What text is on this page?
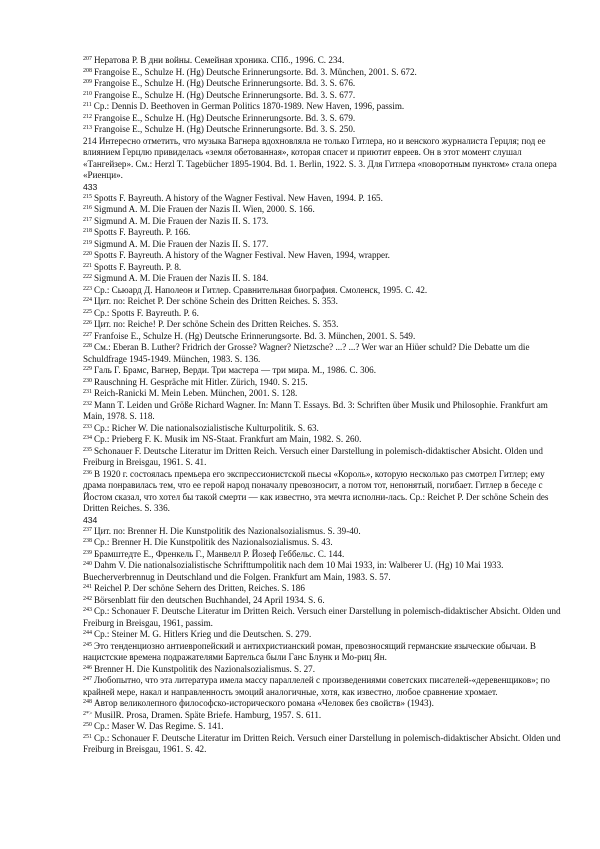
$^{207}$ Нератова Р. В дни войны. Семейная хроника. СПб., 1996. С. 234.

$^{208}$ Frangoise E., Schulze H. (Hg) Deutsche Erinnerungsorte. Bd. 3. München, 2001. S. 672.

$^{209}$ Frangoise E., Schulze H. (Hg) Deutsche Erinnerungsorte. Bd. 3. S. 676.

$^{210}$ Frangoise E., Schulze H. (Hg) Deutsche Erinnerungsorte. Bd. 3. S. 677.

$^{211}$ Ср.: Dennis D. Beethoven in German Politics 1870-1989. New Haven, 1996, passim.

$^{212}$ Frangoise E., Schulze H. (Hg) Deutsche Erinnerungsorte. Bd. 3. S. 679.

$^{213}$ Frangoise E., Schulze H. (Hg) Deutsche Erinnerungsorte. Bd. 3. S. 250.

214 Интересно отметить, что музыка Вагнера вдохновляла не только Гитлера, но и венского журналиста Герцля; под ее влиянием Герцлю привиделась «земля обетованная», которая спасет и приютит евреев. Он в этот момент слушал «Тангейзер». См.: Herzl T. Tagebücher 1895-1904. Bd. 1. Berlin, 1922. S. 3. Для Гитлера «поворотным пунктом» стала опера «Риенци».

433

$^{215}$ Spotts F. Bayreuth. A history of the Wagner Festival. New Haven, 1994. P. 165.

$^{216}$ Sigmund A. M. Die Frauen der Nazis II. Wien, 2000. S. 166.

$^{217}$ Sigmund A. M. Die Frauen der Nazis II. S. 173.

$^{218}$ Spotts F. Bayreuth. P. 166.

$^{219}$ Sigmund A. M. Die Frauen der Nazis II. S. 177.

$^{220}$ Spotts F. Bayreuth. A history of the Wagner Festival. New Haven, 1994, wrapper.

$^{221}$ Spotts F. Bayreuth. P. 8.

$^{222}$ Sigmund A. M. Die Frauen der Nazis II. S. 184.

$^{223}$ Ср.: Сьюард Д. Наполеон и Гитлер. Сравнительная биография. Смоленск, 1995. С. 42.

$^{224}$ Цит. по: Reichet P. Der schöne Schein des Dritten Reiches. S. 353.

$^{225}$ Ср.: Spotts F. Bayreuth. P. 6.

$^{226}$ Цит. по: Reiche! P. Der schöne Schein des Dritten Reiches. S. 353.

$^{227}$ Franfoise E., Schulze H. (Hg) Deutsche Erinnerungsorte. Bd. 3. München, 2001. S. 549.

$^{228}$ См.: Eberan B. Luther? Fridrich der Grosse? Wagner? Nietzsche? ...? ...? Wer war an Hiüer schuld? Die Debatte um die Schuldfrage 1945-1949. München, 1983. S. 136.

$^{229}$ Галь Г. Брамс, Вагнер, Верди. Три мастера — три мира. М., 1986. С. 306.

$^{230}$ Rauschning H. Gespräche mit Hitler. Zürich, 1940. S. 215.

$^{231}$ Reich-Ranicki M. Mein Leben. München, 2001. S. 128.

$^{232}$ Mann T. Leiden und Größe Richard Wagner. In: Mann T. Essays. Bd. 3: Schriften über Musik und Philosophie. Frankfurt am Main, 1978. S. 118.

$^{233}$ Ср.: Richer W. Die nationalsozialistische Kulturpolitik. S. 63.

$^{234}$ Ср.: Prieberg F. K. Musik im NS-Staat. Frankfurt am Main, 1982. S. 260.

$^{235}$ Schonauer F. Deutsche Literatur im Dritten Reich. Versuch einer Darstellung in polemisch-didaktischer Absicht. Olden und Freiburg in Breisgau, 1961. S. 41.

$^{236}$ В 1920 г. состоялась премьера его экспрессионистской пьесы «Король», которую несколько раз смотрел Гитлер; ему драма понравилась тем, что ее герой народ поначалу превозносит, а потом тот, непонятый, погибает. Гитлер в беседе с Йостом сказал, что хотел бы такой смерти — как известно, эта мечта исполни-лась. Ср.: Reichet P. Der schöne Schein des Dritten Reiches. S. 336.

434

$^{237}$ Цит. по: Brenner H. Die Kunstpolitik des Nazionalsozialismus. S. 39-40.

$^{238}$ Ср.: Brenner H. Die Kunstpolitik des Nazionalsozialismus. S. 43.

$^{239}$ Брамштедте Е., Френкель Г., Манвелл Р. Йозеф Геббельс. С. 144.

$^{240}$ Dahm V. Die nationalsozialistische Schrifttumpolitik nach dem 10 Mai 1933, in: Walberer U. (Hg) 10 Mai 1933. Buecherverbrennug in Deutschland und die Folgen. Frankfurt am Main, 1983. S. 57.

$^{241}$ Reichel P. Der schöne Sehern des Dritten, Reiches. S. 186

$^{242}$ Börsenblatt für den deutschen Buchhandel, 24 April 1934. S. 6.

$^{243}$ Ср.: Schonauer F. Deutsche Literatur im Dritten Reich. Versuch einer Darstellung in polemisch-didaktischer Absicht. Olden und Freiburg in Breisgau, 1961, passim.

$^{244}$ Ср.: Steiner M. G. Hitlers Krieg und die Deutschen. S. 279.

$^{245}$ Это тенденциозно антиевропейский и антихристианский роман, превозносящий германские языческие обычаи. В нацистские времена подражателями Бартельса были Ганс Блунк и Мо-риц Ян.

$^{246}$ Brenner H. Die Kunstpolitik des Nazionalsozialismus. S. 27.

$^{247}$ Любопытно, что эта литература имела массу параллелей с произведениями советских писателей-«деревенщиков»; по крайней мере, накал и направленность эмоций аналогичные, хотя, как известно, любое сравнение хромает.

$^{248}$ Автор великолепного философско-исторического романа «Человек без свойств» (1943).

$^{2*>}$ MusilR. Prosa, Dramen. Späte Briefe. Hamburg, 1957. S. 611.

$^{250}$ Ср.: Maser W. Das Regime. S. 141.

$^{251}$ Ср.: Schonauer F. Deutsche Literatur im Dritten Reich. Versuch einer Darstellung in polemisch-didaktischer Absicht. Olden und Freiburg in Breisgau, 1961. S. 42.
